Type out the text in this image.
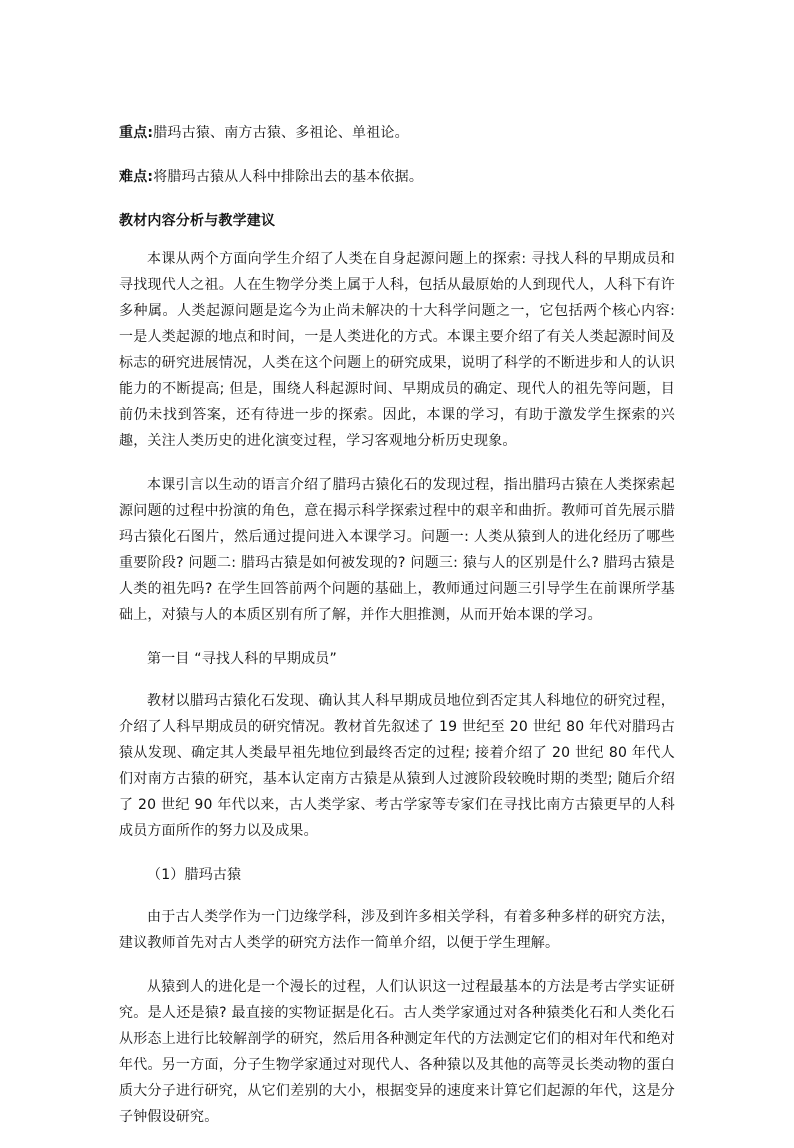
重点:腊玛古猿、南方古猿、多祖论、单祖论。
难点:将腊玛古猿从人科中排除出去的基本依据。
教材内容分析与教学建议

本课从两个方面向学生介绍了人类在自身起源问题上的探索: 寻找人科的早期成员和寻找现代人之祖。人在生物学分类上属于人科，包括从最原始的人到现代人，人科下有许多种属。人类起源问题是迄今为止尚未解决的十大科学问题之一，它包括两个核心内容: 一是人类起源的地点和时间，一是人类进化的方式。本课主要介绍了有关人类起源时间及标志的研究进展情况，人类在这个问题上的研究成果，说明了科学的不断进步和人的认识能力的不断提高; 但是，围绕人科起源时间、早期成员的确定、现代人的祖先等问题，目前仍未找到答案，还有待进一步的探索。因此，本课的学习，有助于激发学生探索的兴趣，关注人类历史的进化演变过程，学习客观地分析历史现象。

本课引言以生动的语言介绍了腊玛古猿化石的发现过程，指出腊玛古猿在人类探索起源问题的过程中扮演的角色，意在揭示科学探索过程中的艰辛和曲折。教师可首先展示腊玛古猿化石图片，然后通过提问进入本课学习。问题一: 人类从猿到人的进化经历了哪些重要阶段? 问题二: 腊玛古猿是如何被发现的? 问题三: 猿与人的区别是什么? 腊玛古猿是人类的祖先吗? 在学生回答前两个问题的基础上，教师通过问题三引导学生在前课所学基础上，对猿与人的本质区别有所了解，并作大胆推测，从而开始本课的学习。

第一目 “寻找人科的早期成员”

教材以腊玛古猿化石发现、确认其人科早期成员地位到否定其人科地位的研究过程，介绍了人科早期成员的研究情况。教材首先叙述了 19 世纪至 20 世纪 80 年代对腊玛古猿从发现、确定其人类最早祖先地位到最终否定的过程; 接着介绍了 20 世纪 80 年代人们对南方古猿的研究，基本认定南方古猿是从猿到人过渡阶段较晚时期的类型; 随后介绍了 20 世纪 90 年代以来，古人类学家、考古学家等专家们在寻找比南方古猿更早的人科成员方面所作的努力以及成果。

（1）腊玛古猿

由于古人类学作为一门边缘学科，涉及到许多相关学科，有着多种多样的研究方法，建议教师首先对古人类学的研究方法作一简单介绍，以便于学生理解。

从猿到人的进化是一个漫长的过程，人们认识这一过程最基本的方法是考古学实证研究。是人还是猿? 最直接的实物证据是化石。古人类学家通过对各种猿类化石和人类化石从形态上进行比较解剖学的研究，然后用各种测定年代的方法测定它们的相对年代和绝对年代。另一方面，分子生物学家通过对现代人、各种猿以及其他的高等灵长类动物的蛋白质大分子进行研究，从它们差别的大小，根据变异的速度来计算它们起源的年代，这是分子钟假设研究。
